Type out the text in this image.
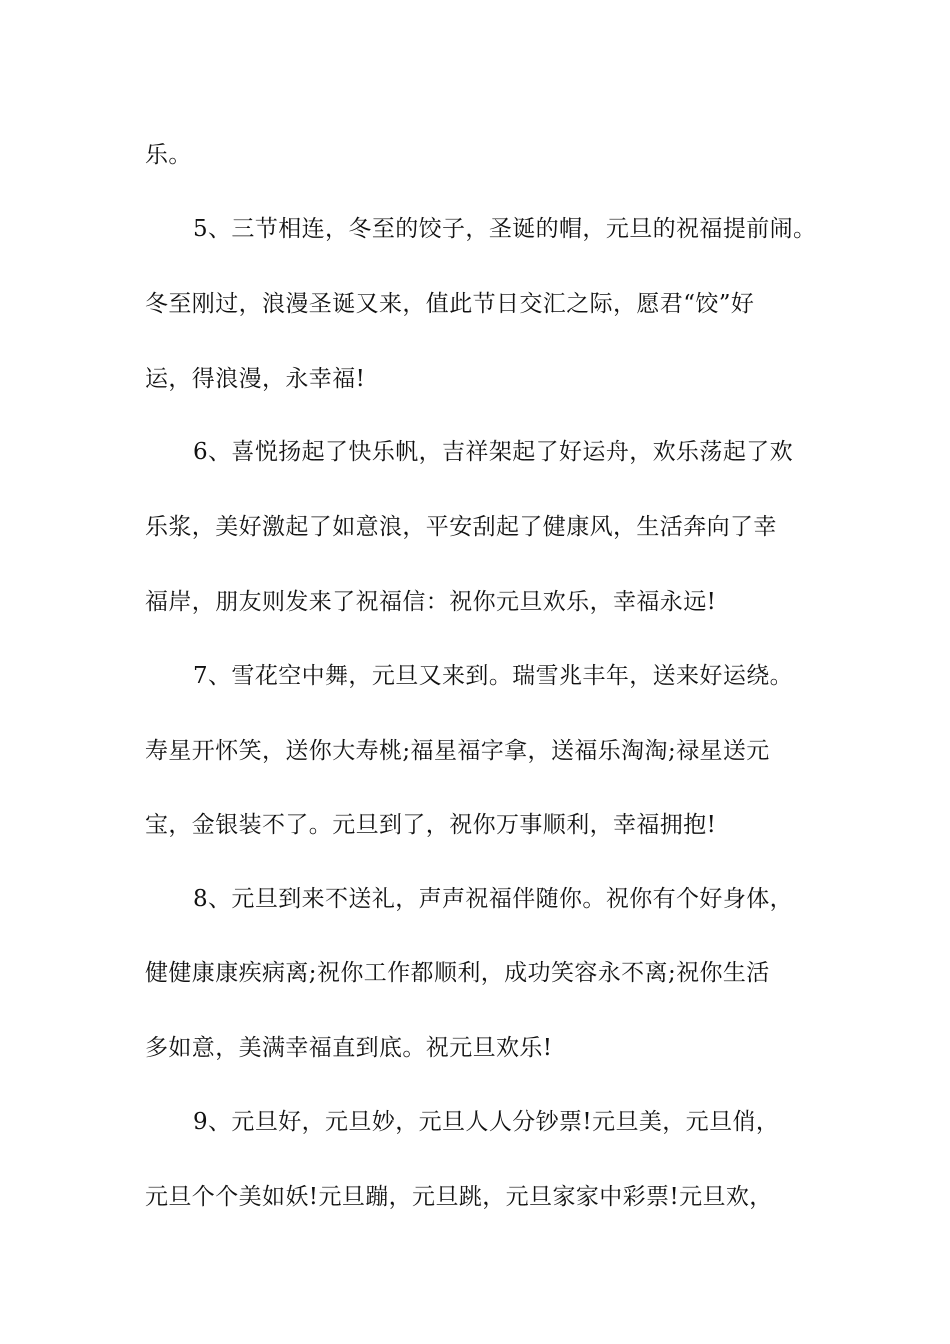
乐。
5、三节相连，冬至的饺子，圣诞的帽，元旦的祝福提前闹。
冬至刚过，浪漫圣诞又来，值此节日交汇之际，愿君“饺”好
运，得浪漫，永幸福!
6、喜悦扬起了快乐帆，吉祥架起了好运舟，欢乐荡起了欢
乐浆，美好激起了如意浪，平安刮起了健康风，生活奔向了幸
福岸，朋友则发来了祝福信：祝你元旦欢乐，幸福永远!
7、雪花空中舞，元旦又来到。瑞雪兆丰年，送来好运绕。
寿星开怀笑，送你大寿桃;福星福字拿，送福乐淘淘;禄星送元
宝，金银装不了。元旦到了，祝你万事顺利，幸福拥抱!
8、元旦到来不送礼，声声祝福伴随你。祝你有个好身体，
健健康康疾病离;祝你工作都顺利，成功笑容永不离;祝你生活
多如意，美满幸福直到底。祝元旦欢乐!
9、元旦好，元旦妙，元旦人人分钞票!元旦美，元旦俏，
元旦个个美如妖!元旦蹦，元旦跳，元旦家家中彩票!元旦欢，
